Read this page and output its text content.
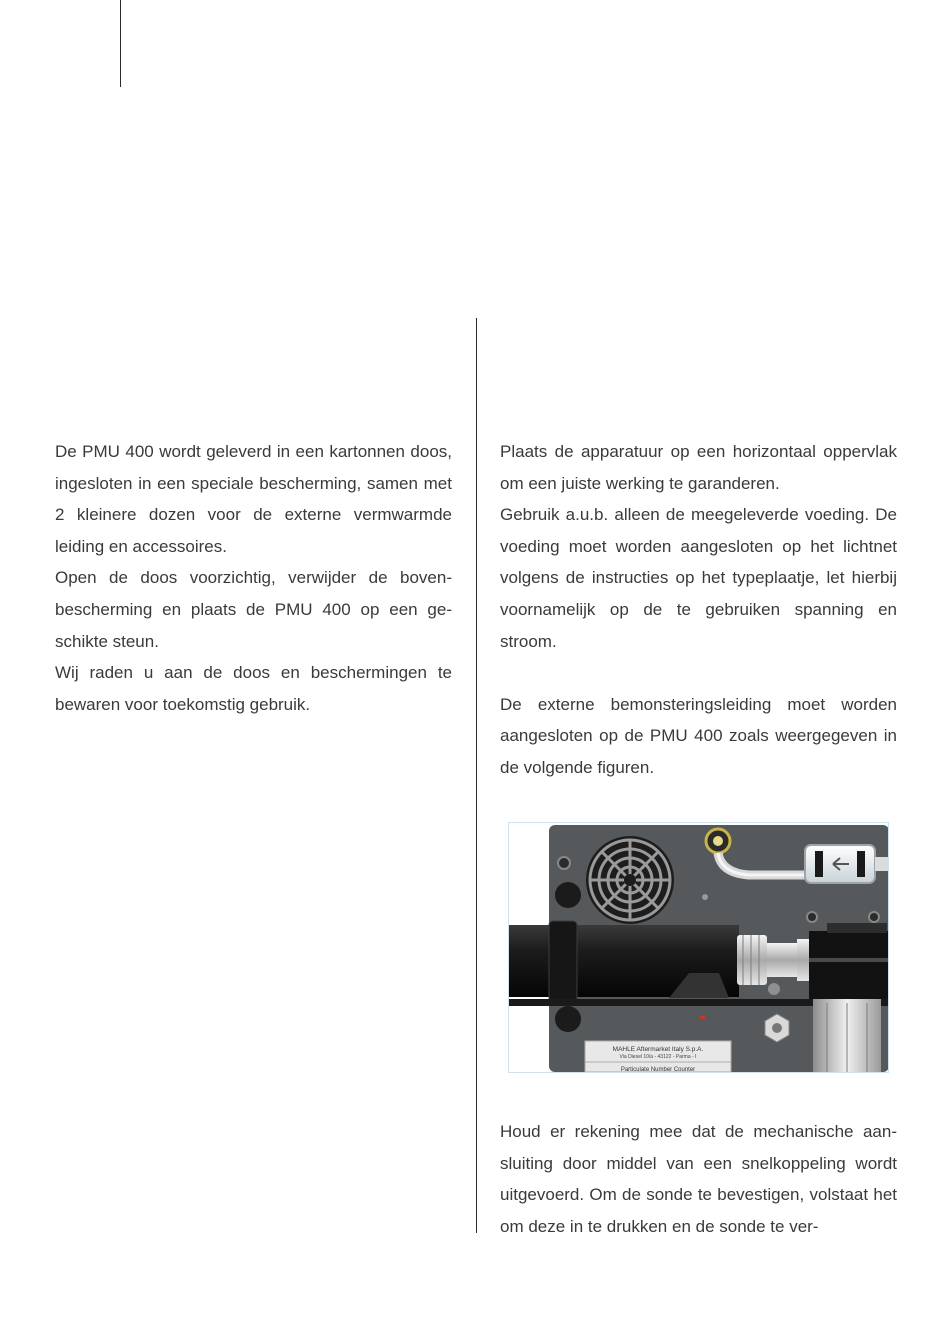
De PMU 400 wordt geleverd in een kartonnen doos, ingesloten in een speciale bescherming, samen met 2 kleinere dozen voor de externe vermwarmde leiding en accessoires.

Open de doos voorzichtig, verwijder de bovenbescherming en plaats de PMU 400 op een geschikte steun.

Wij raden u aan de doos en beschermingen te bewaren voor toekomstig gebruik.

Plaats de apparatuur op een horizontaal oppervlak om een juiste werking te garanderen.

Gebruik a.u.b. alleen de meegeleverde voeding. De voeding moet worden aangesloten op het lichtnet volgens de instructies op het typeplaatje, let hierbij voornamelijk op de te gebruiken spanning en stroom.

De externe bemonsteringsleiding moet worden aangesloten op de PMU 400 zoals weergegeven in de volgende figuren.

MAHLE Aftermarket Italy S.p.A.
Via Diesel 10/a - 43122 - Parma - I
Particulate Number Counter

Houd er rekening mee dat de mechanische aansluiting door middel van een snelkoppeling wordt uitgevoerd. Om de sonde te bevestigen, volstaat het om deze in te drukken en de sonde te ver-
